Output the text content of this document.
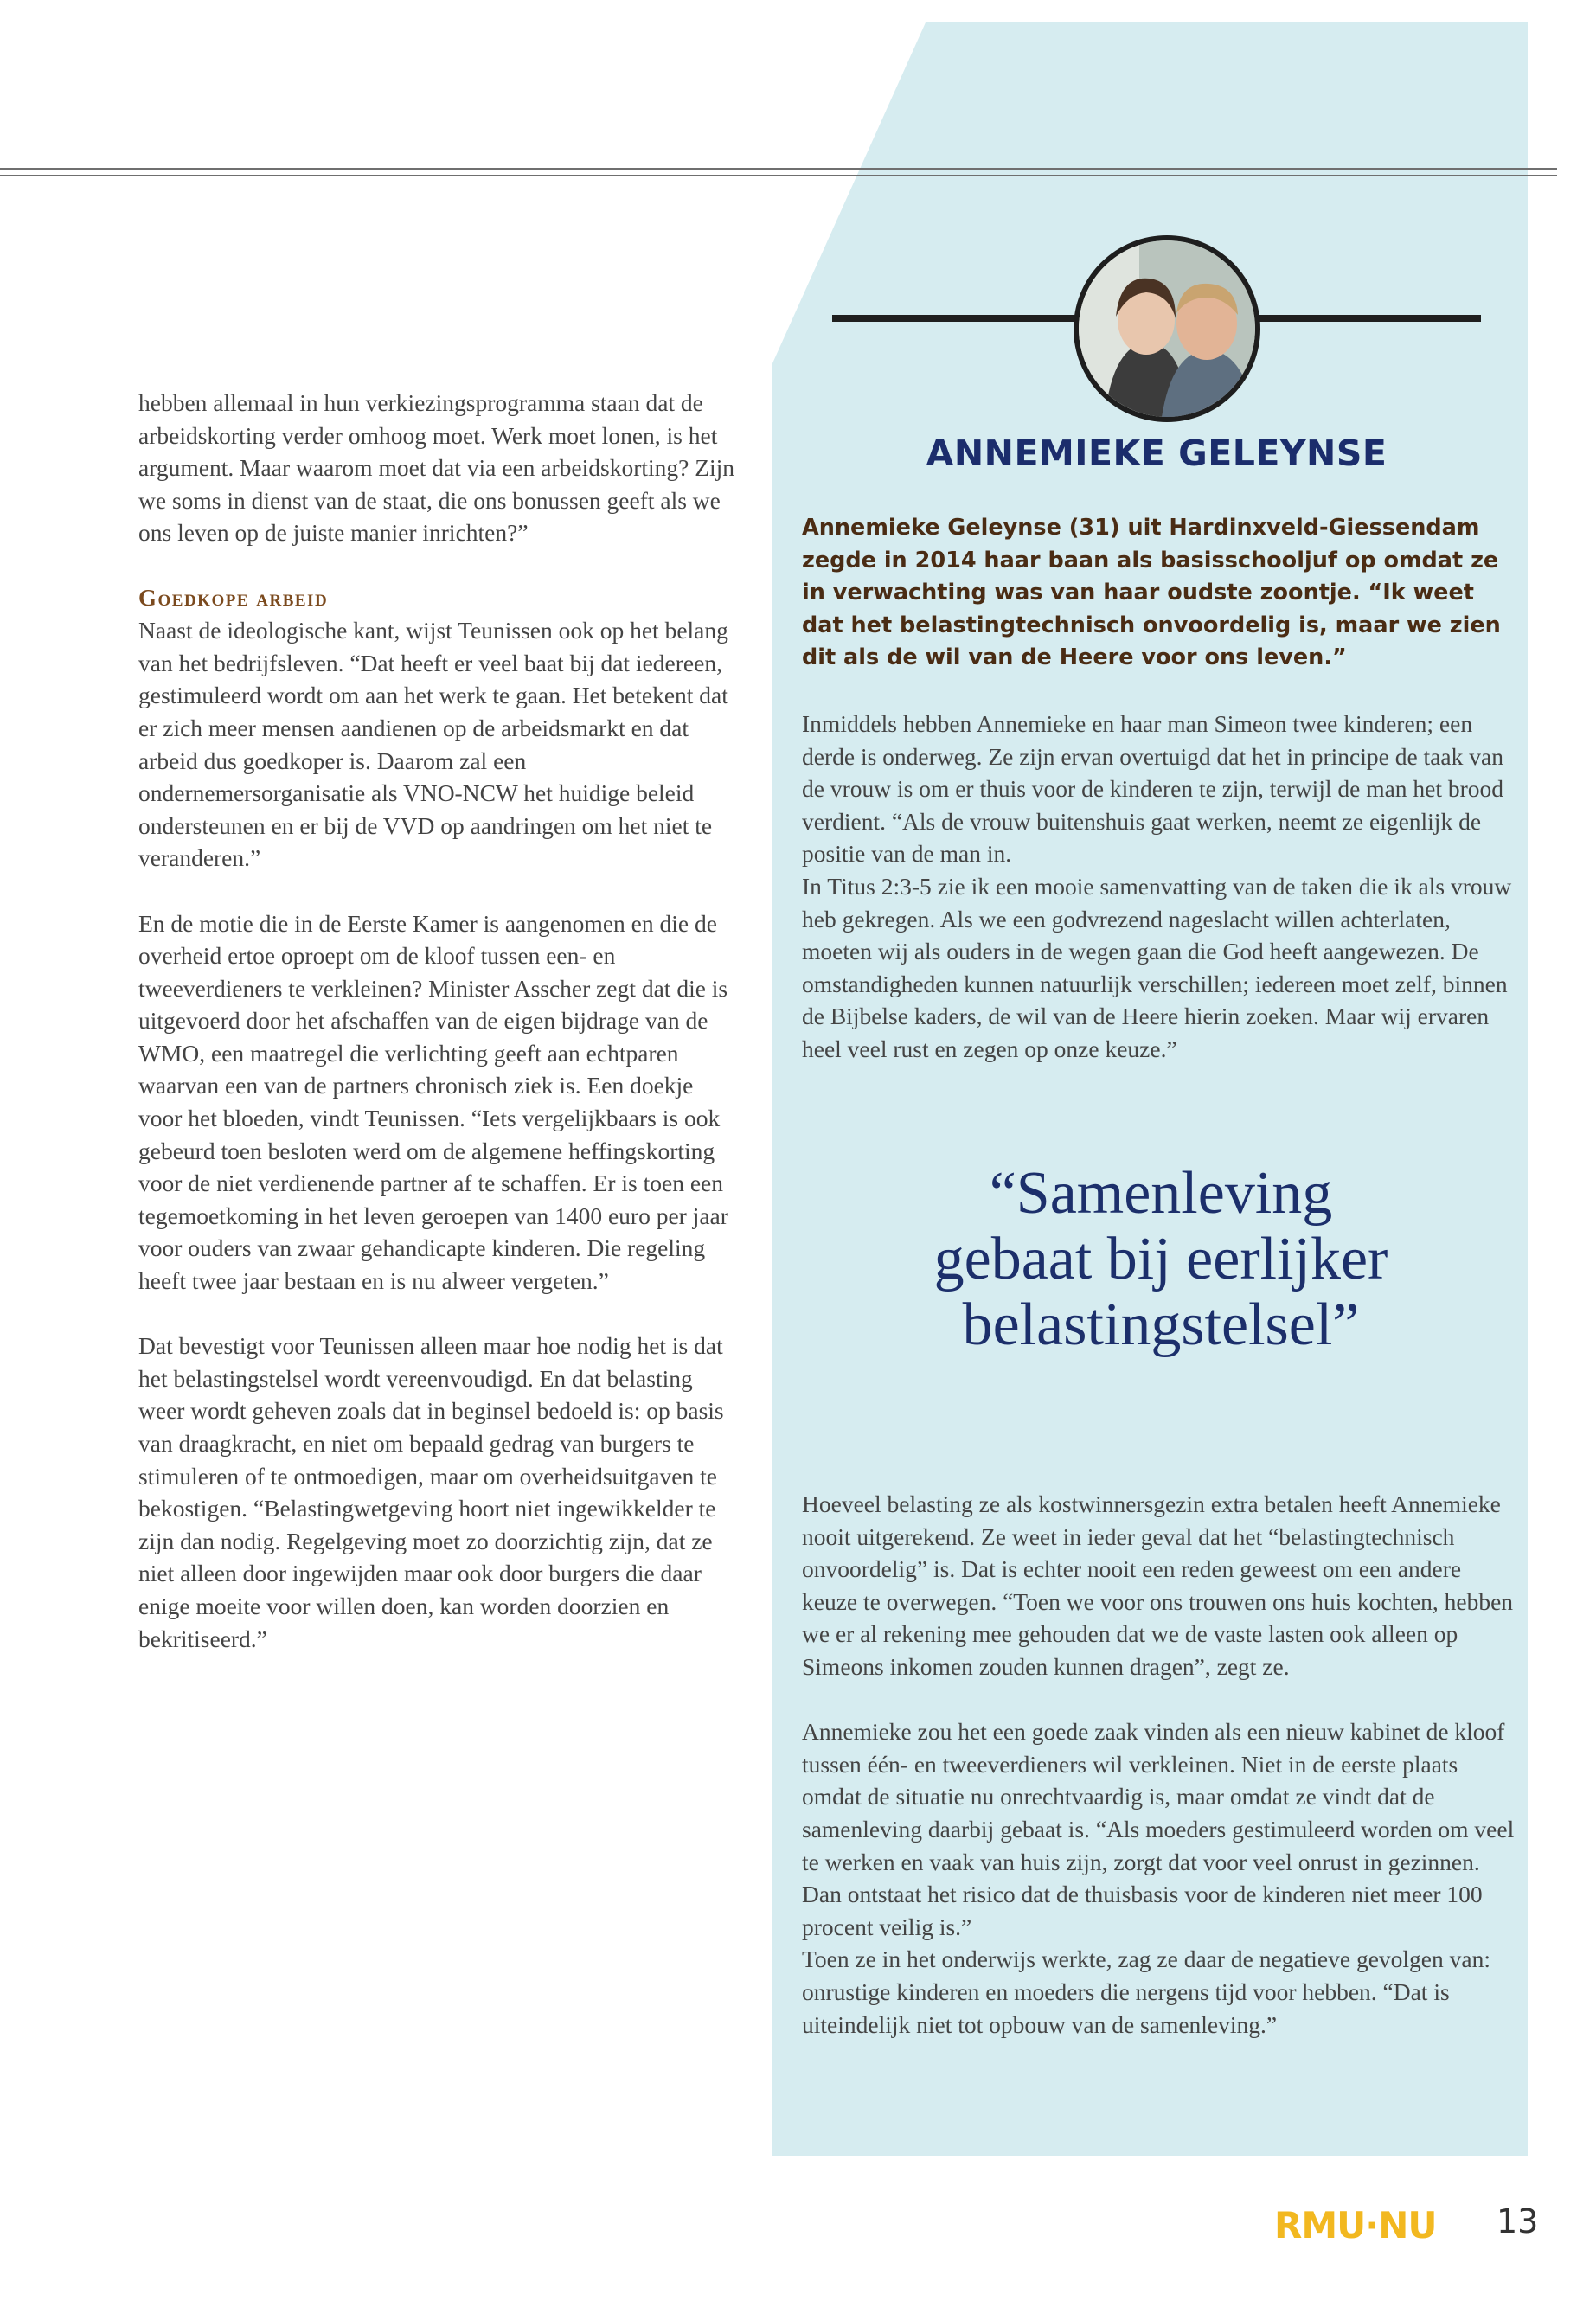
hebben allemaal in hun verkiezingsprogramma staan dat de arbeidskorting verder omhoog moet. Werk moet lonen, is het argument. Maar waarom moet dat via een arbeidskorting? Zijn we soms in dienst van de staat, die ons bonussen geeft als we ons leven op de juiste manier inrichten?”

Goedkope arbeid

Naast de ideologische kant, wijst Teunissen ook op het belang van het bedrijfsleven. “Dat heeft er veel baat bij dat iedereen, gestimuleerd wordt om aan het werk te gaan. Het betekent dat er zich meer mensen aandienen op de arbeidsmarkt en dat arbeid dus goedkoper is. Daarom zal een ondernemersorganisatie als VNO-NCW het huidige beleid ondersteunen en er bij de VVD op aandringen om het niet te veranderen.”

En de motie die in de Eerste Kamer is aangenomen en die de overheid ertoe oproept om de kloof tussen een- en tweeverdieners te verkleinen? Minister Asscher zegt dat die is uitgevoerd door het afschaffen van de eigen bijdrage van de WMO, een maatregel die verlichting geeft aan echtparen waarvan een van de partners chronisch ziek is. Een doekje voor het bloeden, vindt Teunissen. “Iets vergelijkbaars is ook gebeurd toen besloten werd om de algemene heffingskorting voor de niet verdienende partner af te schaffen. Er is toen een tegemoetkoming in het leven geroepen van 1400 euro per jaar voor ouders van zwaar gehandicapte kinderen. Die regeling heeft twee jaar bestaan en is nu alweer vergeten.”

Dat bevestigt voor Teunissen alleen maar hoe nodig het is dat het belastingstelsel wordt vereenvoudigd. En dat belasting weer wordt geheven zoals dat in beginsel bedoeld is: op basis van draagkracht, en niet om bepaald gedrag van burgers te stimuleren of te ontmoedigen, maar om overheidsuitgaven te bekostigen. “Belastingwetgeving hoort niet ingewikkelder te zijn dan nodig. Regelgeving moet zo doorzichtig zijn, dat ze niet alleen door ingewijden maar ook door burgers die daar enige moeite voor willen doen, kan worden doorzien en bekritiseerd.”

ANNEMIEKE GELEYNSE

Annemieke Geleynse (31) uit Hardinxveld-Giessendam zegde in 2014 haar baan als basisschooljuf op omdat ze in verwachting was van haar oudste zoontje. “Ik weet dat het belastingtechnisch onvoordelig is, maar we zien dit als de wil van de Heere voor ons leven.”

Inmiddels hebben Annemieke en haar man Simeon twee kinderen; een derde is onderweg. Ze zijn ervan overtuigd dat het in principe de taak van de vrouw is om er thuis voor de kinderen te zijn, terwijl de man het brood verdient. “Als de vrouw buitenshuis gaat werken, neemt ze eigenlijk de positie van de man in.

In Titus 2:3-5 zie ik een mooie samenvatting van de taken die ik als vrouw heb gekregen. Als we een godvrezend nageslacht willen achterlaten, moeten wij als ouders in de wegen gaan die God heeft aangewezen. De omstandigheden kunnen natuurlijk verschillen; iedereen moet zelf, binnen de Bijbelse kaders, de wil van de Heere hierin zoeken. Maar wij ervaren heel veel rust en zegen op onze keuze.”

“Samenleving
gebaat bij eerlijker
belastingstelsel”

Hoeveel belasting ze als kostwinnersgezin extra betalen heeft Annemieke nooit uitgerekend. Ze weet in ieder geval dat het “belastingtechnisch onvoordelig” is. Dat is echter nooit een reden geweest om een andere keuze te overwegen. “Toen we voor ons trouwen ons huis kochten, hebben we er al rekening mee gehouden dat we de vaste lasten ook alleen op Simeons inkomen zouden kunnen dragen”, zegt ze.

Annemieke zou het een goede zaak vinden als een nieuw kabinet de kloof tussen één- en tweeverdieners wil verkleinen. Niet in de eerste plaats omdat de situatie nu onrechtvaardig is, maar omdat ze vindt dat de samenleving daarbij gebaat is. “Als moeders gestimuleerd worden om veel te werken en vaak van huis zijn, zorgt dat voor veel onrust in gezinnen. Dan ontstaat het risico dat de thuisbasis voor de kinderen niet meer 100 procent veilig is.”

Toen ze in het onderwijs werkte, zag ze daar de negatieve gevolgen van: onrustige kinderen en moeders die nergens tijd voor hebben. “Dat is uiteindelijk niet tot opbouw van de samenleving.”

RMU·NU 13
